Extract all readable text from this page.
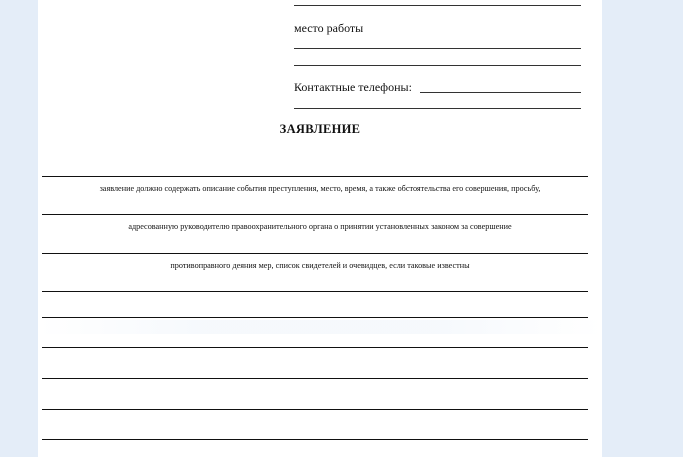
место работы
Контактные телефоны:
ЗАЯВЛЕНИЕ
заявление должно содержать описание события преступления, место, время, а также обстоятельства его совершения, просьбу,
адресованную руководителю правоохранительного органа о принятии установленных законом за совершение
противоправного деяния мер, список свидетелей и очевидцев, если таковые известны
